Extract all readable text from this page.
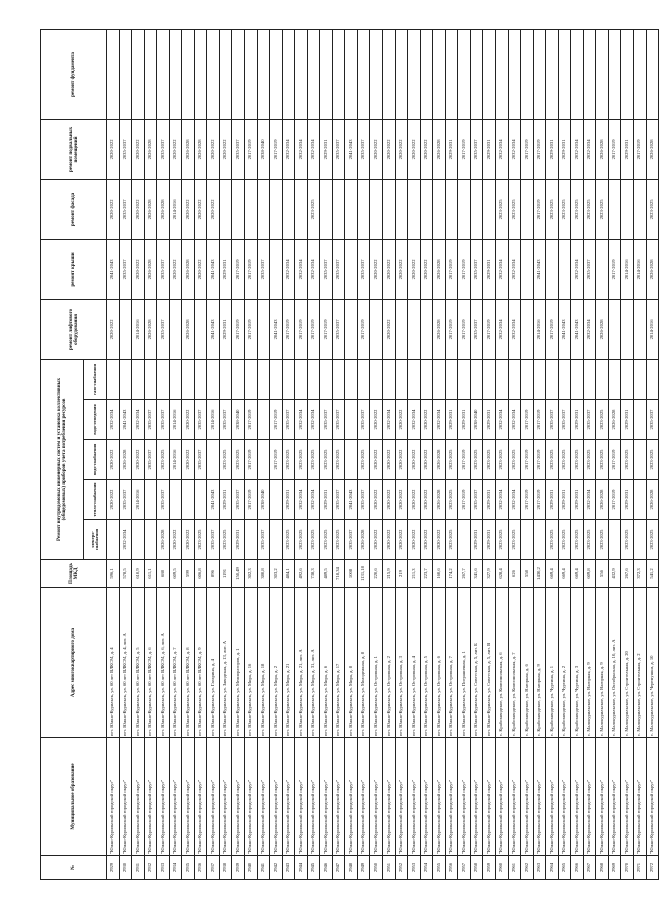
№	Муниципальное образование	Адрес многоквартирного дома	Площадь МКД	Ремонт внутридомовых инженерных систем и установка коллективных (общедомовых) приборов учета потребления ресурсов					ремонт лифтового оборудования	ремонт крыши	ремонт фасада	ремонт подвальных помещений	ремонт фундамента
				электро-снабжения	тепло-снабжения	водо-снабжения	водо-отведения	газо-снабжения					
2929	"Южно-Курильский городской округ"	пгт. Южно-Курильск, ул. 60 лет ВЛКСМ, д. 4	596,1		2020-2022	2020-2022	2032-2034		2020-2022	2041-2043	2020-2022	2020-2022	
2930	"Южно-Курильский городской округ"	пгт. Южно-Курильск, ул. 60 лет ВЛКСМ, д. 4, лит. А	578,5	2032-2034	2035-2037	2026-2028	2041-2043			2035-2037	2035-2037	2035-2037	
2931	"Южно-Курильский городской округ"	пгт. Южно-Курильск, ул. 60 лет ВЛКСМ, д. 5	610,9		2014-2016	2020-2022	2032-2034		2014-2016	2020-2022	2020-2022	2020-2022	
2932	"Южно-Курильский городской округ"	пгт. Южно-Курильск, ул. 60 лет ВЛКСМ, д. 6	611,1			2035-2037	2035-2037		2026-2028	2026-2028	2026-2028	2026-2028	
2933	"Южно-Курильский городской округ"	пгт. Южно-Курильск, ул. 60 лет ВЛКСМ, д. 6, лит. А	688	2026-2028	2035-2037	2023-2025	2035-2037		2035-2037	2035-2037	2026-2028	2035-2037	
2934	"Южно-Курильский городской округ"	пгт. Южно-Курильск, ул. 60 лет ВЛКСМ, д. 7	609,5	2020-2022		2014-2016	2014-2016			2020-2022	2014-2016	2020-2022	
2935	"Южно-Курильский городской округ"	пгт. Южно-Курильск, ул. 60 лет ВЛКСМ, д. 8	599	2020-2022		2020-2022	2020-2022		2026-2028	2026-2028	2020-2022	2026-2028	
2936	"Южно-Курильский городской округ"	пгт. Южно-Курильск, ул. 60 лет ВЛКСМ, д. 9	606,8	2023-2025		2035-2037	2035-2037			2020-2022	2020-2022	2026-2028	
2937	"Южно-Курильский городской округ"	пгт. Южно-Курильск, ул. Гагарина, д. 4	896	2035-2037	2041-2043		2014-2016		2041-2043	2041-2043	2020-2022	2020-2022	
2938	"Южно-Курильский городской округ"	пгт. Южно-Курильск, ул. Заводская, д. 13, лит. А	1191	2023-2025	2029-2031	2023-2025	2035-2037		2029-2031	2029-2031		2020-2022	
2939	"Южно-Курильский городской округ"	пгт. Южно-Курильск, ул. Мелиораторов, д. 1	150,49	2029-2031	2035-2037	2023-2025	2038-2040		2017-2019	2017-2019		2035-2037	
2940	"Южно-Курильский городской округ"	пгт. Южно-Курильск, ул. Мира, д. 16	302,3		2017-2019	2017-2019	2017-2019		2017-2019	2017-2019		2017-2019	
2941	"Южно-Курильский городской округ"	пгт. Южно-Курильск, ул. Мира, д. 18	380,8	2035-2037	2038-2040					2035-2037		2038-2040	
2942	"Южно-Курильский городской округ"	пгт. Южно-Курильск, ул. Мира, д. 2	303,2			2017-2019	2017-2019		2041-2043			2017-2019	
2943	"Южно-Курильский городской округ"	пгт. Южно-Курильск, ул. Мира, д. 21	484,1	2023-2025	2029-2031	2023-2025	2035-2037		2017-2019	2032-2034		2032-2034	
2944	"Южно-Курильский городской округ"	пгт. Южно-Курильск, ул. Мира, д. 21, лит. А	492,6	2023-2025	2032-2034	2023-2025	2032-2034		2017-2019	2032-2034		2032-2034	
2945	"Южно-Курильский городской округ"	пгт. Южно-Курильск, ул. Мира, д. 31, лит. А	738,3	2023-2025	2032-2034	2023-2025	2032-2034		2017-2019	2032-2034	2023-2025	2032-2034	
2946	"Южно-Курильский городской округ"	пгт. Южно-Курильск, ул. Мира, д. 6	489,5	2023-2025	2029-2031	2023-2025	2035-2037		2017-2019	2035-2037		2029-2031	
2947	"Южно-Курильский городской округ"	пгт. Южно-Курильск, ул. Мира, д. 17	718,34	2023-2025	2035-2037	2023-2025	2035-2037		2035-2037	2035-2037		2035-2037	
2948	"Южно-Курильский городской округ"	пгт. Южно-Курильск, ул. Мира, д. 8	1008	2035-2037	2041-2043							2041-2043	
2949	"Южно-Курильский городской округ"	пгт. Южно-Курильск, ул. Молодежная, д. 8	1131,18	2026-2028	2035-2037	2023-2025	2035-2037		2017-2019	2035-2037		2035-2037	
2950	"Южно-Курильский городской округ"	пгт. Южно-Курильск, ул. Островная, д. 1	220,6	2020-2022	2020-2022	2020-2022	2020-2022			2020-2022		2020-2022	
2951	"Южно-Курильский городской округ"	пгт. Южно-Курильск, ул. Островная, д. 2	215,9	2020-2022	2020-2022	2020-2022	2032-2034		2020-2022	2020-2022		2020-2022	
2952	"Южно-Курильский городской округ"	пгт. Южно-Курильск, ул. Островная, д. 3	219	2020-2022	2020-2022	2020-2022	2020-2022			2020-2022		2020-2022	
2953	"Южно-Курильский городской округ"	пгт. Южно-Курильск, ул. Островная, д. 4	211,3	2020-2022	2020-2022	2020-2022	2032-2034			2020-2022		2020-2022	
2954	"Южно-Курильский городской округ"	пгт. Южно-Курильск, ул. Островная, д. 5	223,7	2020-2022	2020-2022	2020-2022	2020-2022			2020-2022		2020-2022	
2955	"Южно-Курильский городской округ"	пгт. Южно-Курильск, ул. Островная, д. 6	160,6	2020-2022	2026-2028	2026-2028	2032-2034		2026-2028	2026-2028		2026-2028	
2956	"Южно-Курильский городской округ"	пгт. Южно-Курильск, ул. Островная, д. 7	174,2	2023-2025	2023-2025	2023-2025	2029-2031		2017-2019	2017-2019		2029-2031	
2957	"Южно-Курильский городской округ"	пгт. Южно-Курильск, ул. Пограничная, д. 1	267,7		2017-2019	2017-2019	2029-2031		2017-2019	2017-2019		2017-2019	
2958	"Южно-Курильский городской округ"	пгт. Южно-Курильск, ул. Советская, д. 5, лит. Б	341,6	2029-2031	2035-2037	2023-2025	2038-2040		2035-2037	2035-2037		2035-2037	
2959	"Южно-Курильский городской округ"	пгт. Южно-Курильск, ул. Советская, д. 5, лит. В	327,9	2029-2031	2029-2031	2023-2025	2029-2031		2017-2019	2029-2031		2029-2031	
2960	"Южно-Курильский городской округ"	с. Крабозаводское, ул. Комсомольская, д. 6	628,4	2023-2025	2032-2034	2023-2025	2032-2034		2032-2034	2032-2034	2023-2025	2032-2034	
2961	"Южно-Курильский городской округ"	с. Крабозаводское, ул. Комсомольская, д. 7	626	2023-2025	2032-2034	2023-2025	2032-2034		2032-2034	2032-2034	2023-2025	2032-2034	
2962	"Южно-Курильский городской округ"	с. Крабозаводское, ул. Нагорная, д. 6	558		2017-2019	2017-2019	2017-2019					2017-2019	
2963	"Южно-Курильский городской округ"	с. Крабозаводское, ул. Нагорная, д. 9	1430,2		2017-2019	2017-2019	2017-2019		2014-2016	2041-2043	2017-2019	2017-2019	
2964	"Южно-Курильский городской округ"	с. Крабозаводское, ул. Чурсина, д. 1	669,4	2023-2025	2029-2031	2023-2025	2035-2037		2017-2019		2023-2025	2029-2031	
2965	"Южно-Курильский городской округ"	с. Крабозаводское, ул. Чурсина, д. 2	669,4	2023-2025	2029-2031	2023-2025	2035-2037		2041-2043		2023-2025	2029-2031	
2966	"Южно-Курильский городской округ"	с. Крабозаводское, ул. Чурсина, д. 3	669,4	2023-2025	2029-2031	2023-2025	2029-2031		2041-2043	2032-2034	2023-2025	2032-2034	
2967	"Южно-Курильский городской округ"	с. Малокурильское, ул. Нагорная, д. 9	609,8	2023-2025	2032-2034	2023-2025	2035-2037		2032-2034	2035-2037	2023-2025	2032-2034	
2968	"Южно-Курильский городской округ"	с. Малокурильское, ул. Нагорная, д. 9	556	2023-2025	2026-2028	2023-2025	2023-2025		2026-2028		2023-2025	2026-2028	
2969	"Южно-Курильский городской округ"	с. Малокурильское, ул. Октябрьская, д. 10, лит. А	432,9		2017-2019	2017-2019	2026-2028			2017-2019		2017-2019	
2970	"Южно-Курильский городской округ"	с. Малокурильское, ул. Строительная, д. 20	267,6	2023-2025	2029-2031	2023-2025	2029-2031			2014-2016		2029-2031	
2971	"Южно-Курильский городской округ"	с. Малокурильское, ул. Строительная, д. 2	372,3							2014-2016		2017-2019	
2972	"Южно-Курильский городской округ"	с. Малокурильское, ул. Черемушки, д. 10	541,2	2023-2025	2026-2028	2023-2025	2035-2037		2014-2016	2026-2028	2023-2025	2026-2028	
